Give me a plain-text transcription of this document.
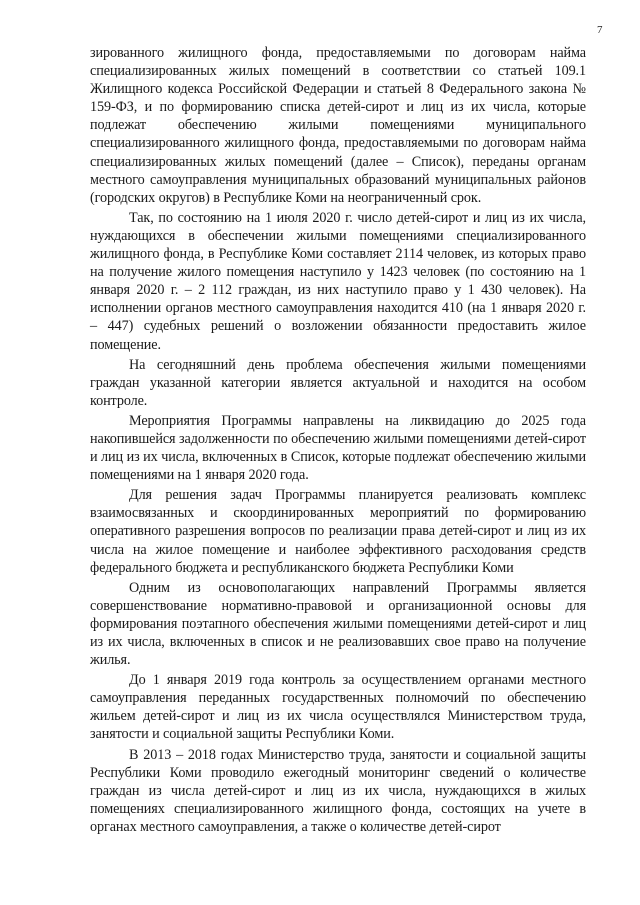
7

зированного жилищного фонда, предоставляемыми по договорам найма специализированных жилых помещений в соответствии со статьей 109.1 Жилищного кодекса Российской Федерации и статьей 8 Федерального закона № 159-ФЗ, и по формированию списка детей-сирот и лиц из их числа, которые подлежат обеспечению жилыми помещениями муниципального специализированного жилищного фонда, предоставляемыми по договорам найма специализированных жилых помещений (далее – Список), переданы органам местного самоуправления муниципальных образований муниципальных районов (городских округов) в Республике Коми на неограниченный срок.

Так, по состоянию на 1 июля 2020 г. число детей-сирот и лиц из их числа, нуждающихся в обеспечении жилыми помещениями специализированного жилищного фонда, в Республике Коми составляет 2114 человек, из которых право на получение жилого помещения наступило у 1423 человек (по состоянию на 1 января 2020 г. – 2 112 граждан, из них наступило право у 1 430 человек). На исполнении органов местного самоуправления находится 410 (на 1 января 2020 г. – 447) судебных решений о возложении обязанности предоставить жилое помещение.

На сегодняшний день проблема обеспечения жилыми помещениями граждан указанной категории является актуальной и находится на особом контроле.

Мероприятия Программы направлены на ликвидацию до 2025 года накопившейся задолженности по обеспечению жилыми помещениями детей-сирот и лиц из их числа, включенных в Список, которые подлежат обеспечению жилыми помещениями на 1 января 2020 года.

Для решения задач Программы планируется реализовать комплекс взаимосвязанных и скоординированных мероприятий по формированию оперативного разрешения вопросов по реализации права детей-сирот и лиц из их числа на жилое помещение и наиболее эффективного расходования средств федерального бюджета и республиканского бюджета Республики Коми

Одним из основополагающих направлений Программы является совершенствование нормативно-правовой и организационной основы для формирования поэтапного обеспечения жилыми помещениями детей-сирот и лиц из их числа, включенных в список и не реализовавших свое право на получение жилья.

До 1 января 2019 года контроль за осуществлением органами местного самоуправления переданных государственных полномочий по обеспечению жильем детей-сирот и лиц из их числа осуществлялся Министерством труда, занятости и социальной защиты Республики Коми.

В 2013 – 2018 годах Министерство труда, занятости и социальной защиты Республики Коми проводило ежегодный мониторинг сведений о количестве граждан из числа детей-сирот и лиц из их числа, нуждающихся в жилых помещениях специализированного жилищного фонда, состоящих на учете в органах местного самоуправления, а также о количестве детей-сирот
